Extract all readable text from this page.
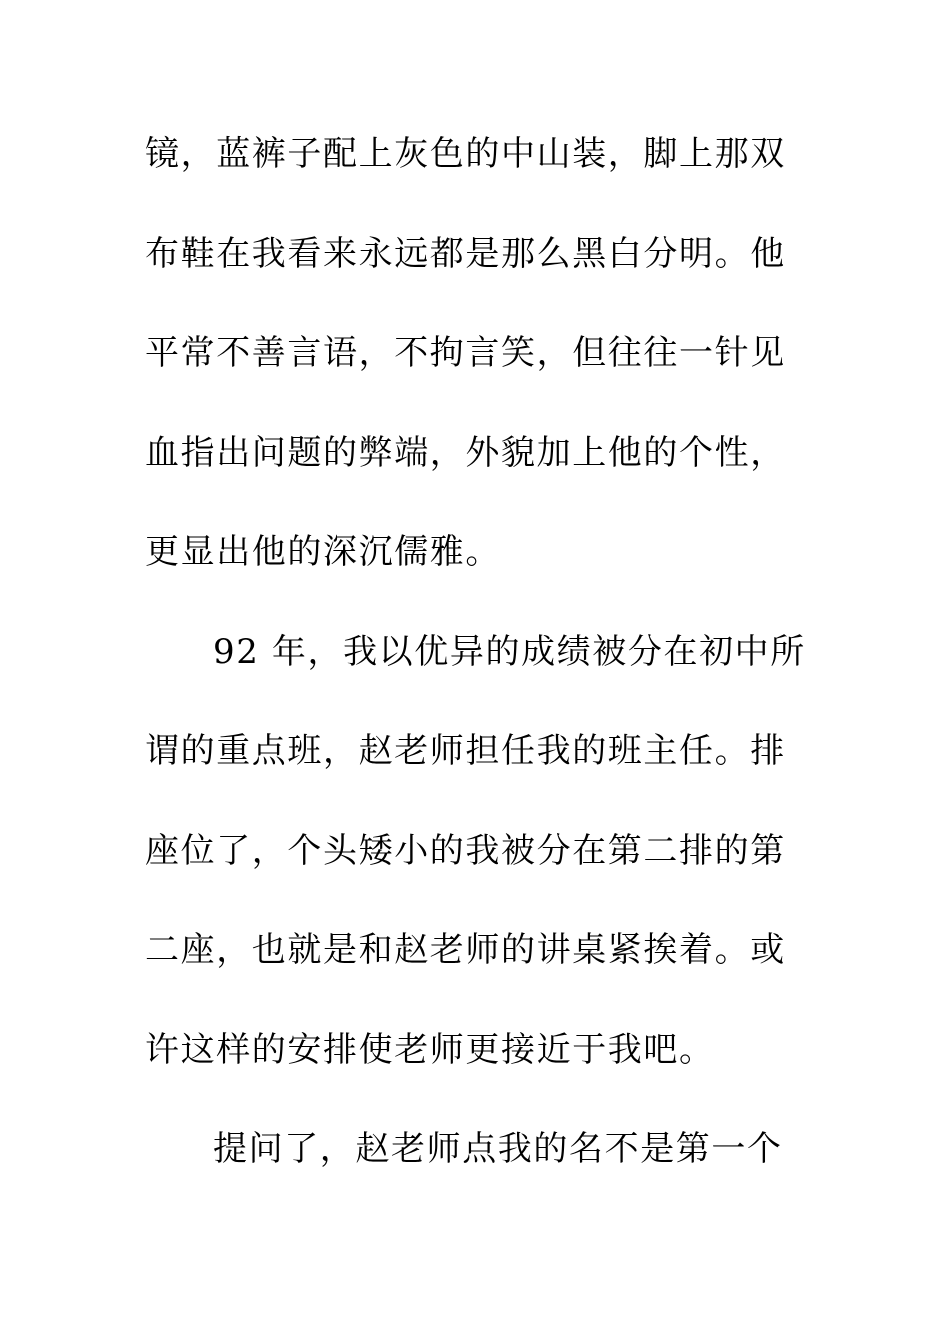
镜，蓝裤子配上灰色的中山装，脚上那双
布鞋在我看来永远都是那么黑白分明。他
平常不善言语，不拘言笑，但往往一针见
血指出问题的弊端，外貌加上他的个性，
更显出他的深沉儒雅。
92 年，我以优异的成绩被分在初中所
谓的重点班，赵老师担任我的班主任。排
座位了，个头矮小的我被分在第二排的第
二座，也就是和赵老师的讲桌紧挨着。或
许这样的安排使老师更接近于我吧。
提问了，赵老师点我的名不是第一个
